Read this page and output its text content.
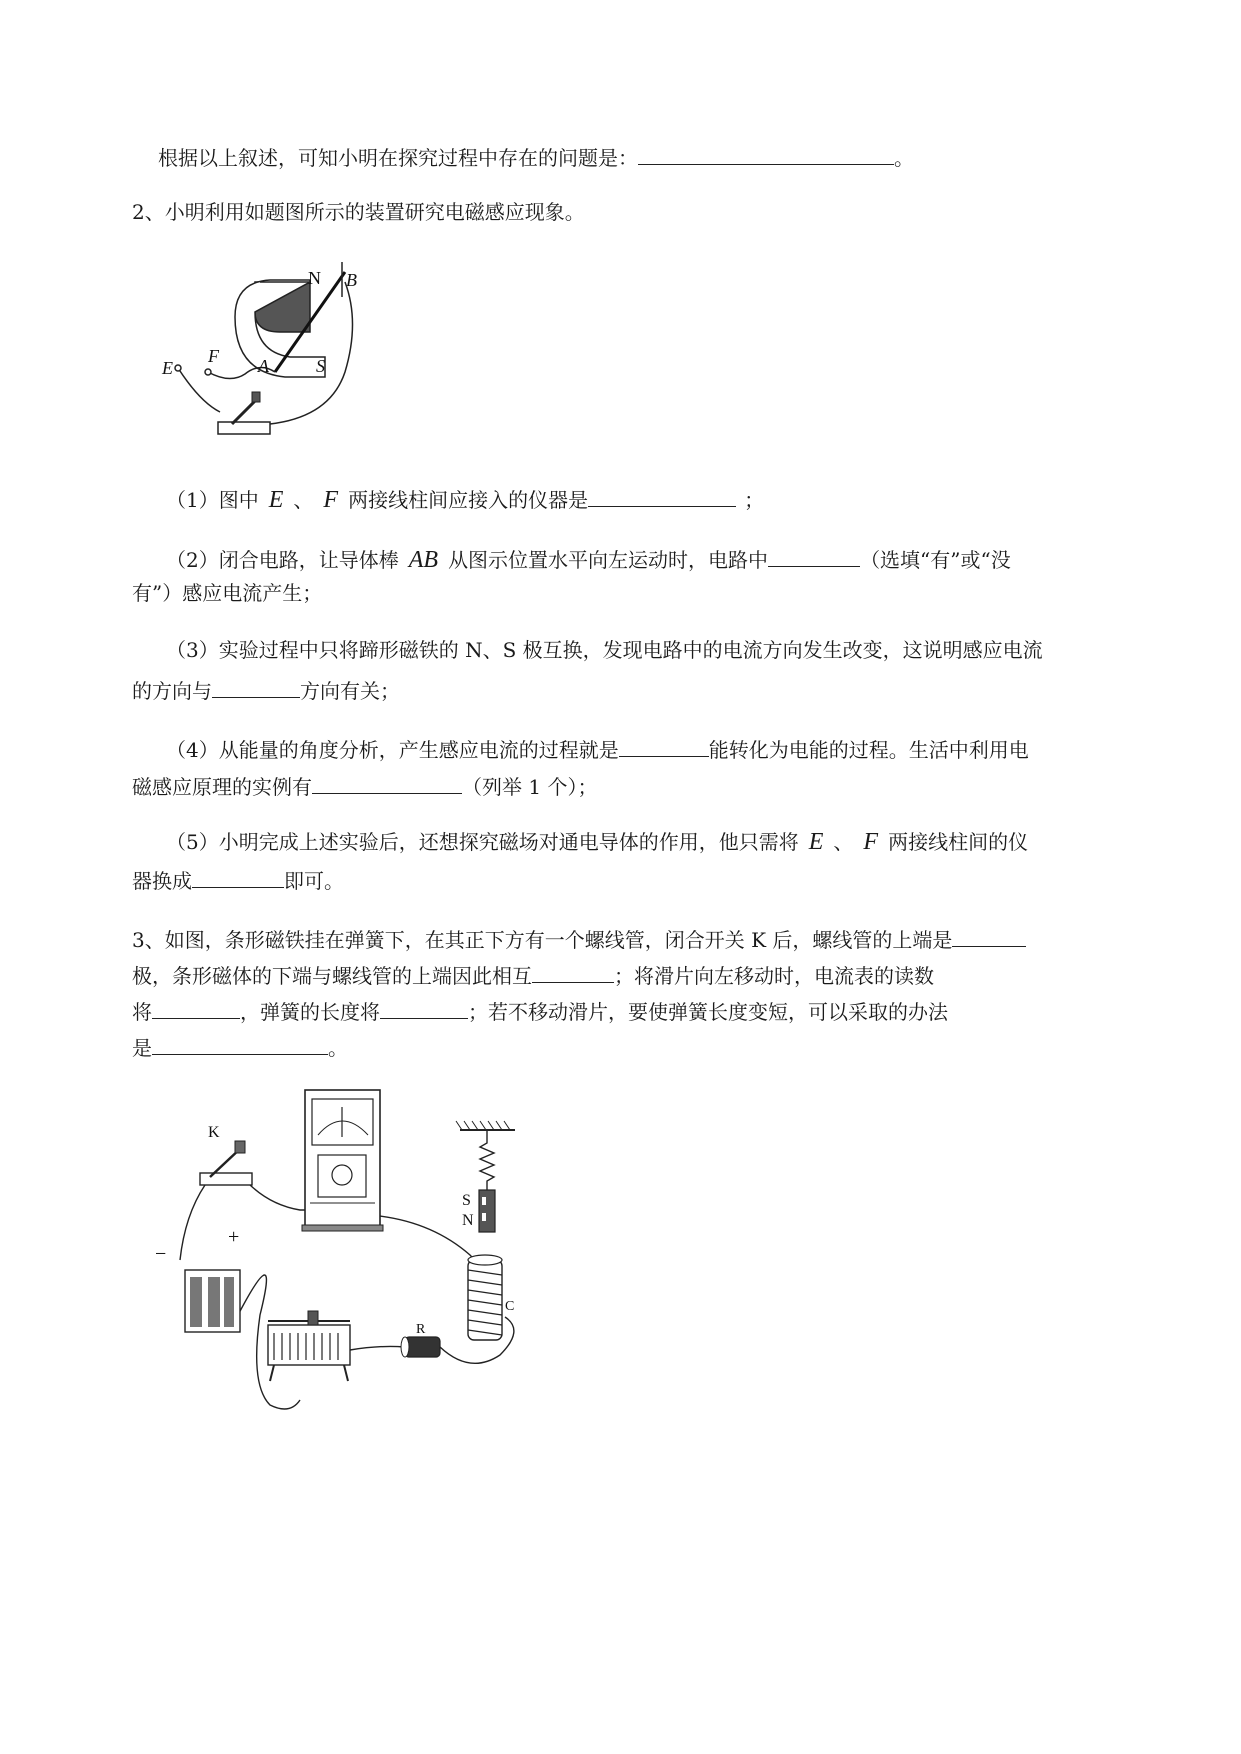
根据以上叙述，可知小明在探究过程中存在的问题是：	。
2、小明利用如题图所示的装置研究电磁感应现象。
N B
E
F A	S
（1）图中 E 、 F 两接线柱间应接入的仪器是	；
（2）闭合电路，让导体棒 AB 从图示位置水平向左运动时，电路中	（选填“有”或“没
有”）感应电流产生；
（3）实验过程中只将蹄形磁铁的 N、S 极互换，发现电路中的电流方向发生改变，这说明感应电流
的方向与	方向有关；
（4）从能量的角度分析，产生感应电流的过程就是	能转化为电能的过程。生活中利用电
磁感应原理的实例有	（列举 1 个）；
（5）小明完成上述实验后，还想探究磁场对通电导体的作用，他只需将 E 、 F 两接线柱间的仪
器换成	即可。
3、如图，条形磁铁挂在弹簧下，在其正下方有一个螺线管，闭合开关 K 后，螺线管的上端是
极，条形磁体的下端与螺线管的上端因此相互	；将滑片向左移动时，电流表的读数
将	，弹簧的长度将	；若不移动滑片，要使弹簧长度变短，可以采取的办法
是	。
K
−
+
S
N
C
R
